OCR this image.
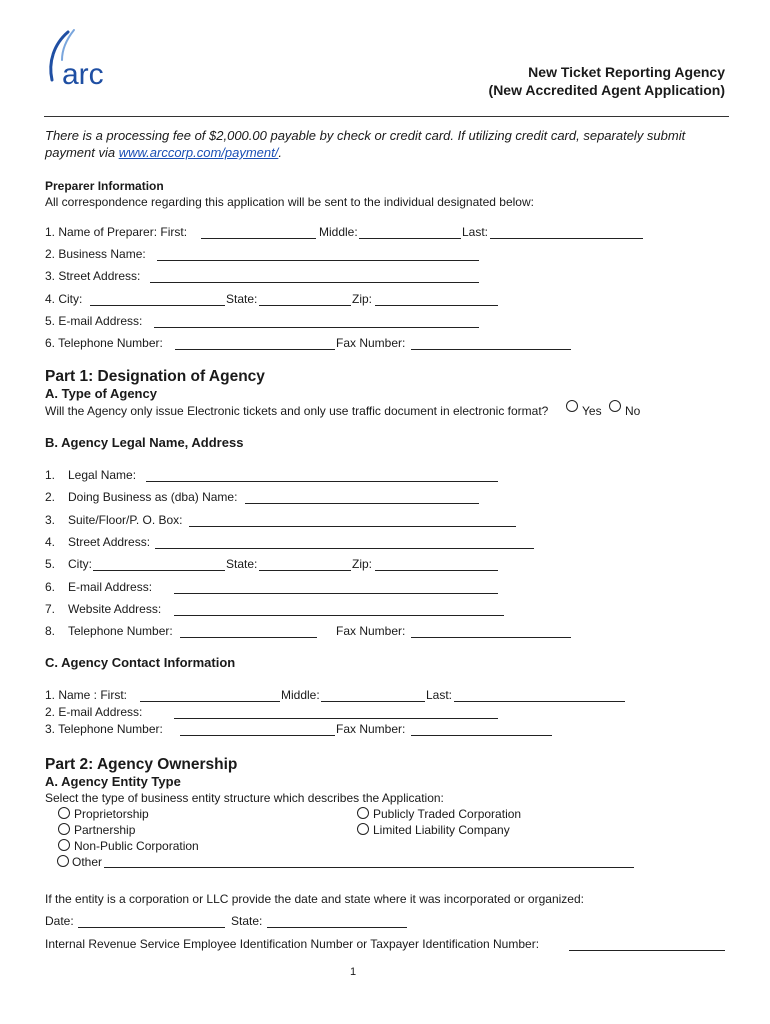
arc	New Ticket Reporting Agency
(New Accredited Agent Application)
There is a processing fee of $2,000.00 payable by check or credit card. If utilizing credit card, separately submit
payment via www.arccorp.com/payment/.
Preparer Information
All correspondence regarding this application will be sent to the individual designated below:
1. Name of Preparer: First:	Middle:	Last:
2. Business Name:
3. Street Address:
4. City:	State:	Zip:
5. E-mail Address:
6. Telephone Number:	Fax Number:
Part 1: Designation of Agency
A. Type of Agency
Will the Agency only issue Electronic tickets and only use traffic document in electronic format?	Yes No
B. Agency Legal Name, Address
1. Legal Name:
2. Doing Business as (dba) Name:
3. Suite/Floor/P. O. Box:
4. Street Address:
5. City:	State:	Zip:
6. E-mail Address:
7. Website Address:
8. Telephone Number:	Fax Number:
C. Agency Contact Information
1. Name : First:	Middle:	Last:
2. E-mail Address:
3. Telephone Number:	Fax Number:
Part 2: Agency Ownership
A. Agency Entity Type
Select the type of business entity structure which describes the Application:
Proprietorship	Publicly Traded Corporation
Partnership	Limited Liability Company
Non-Public Corporation
Other
If the entity is a corporation or LLC provide the date and state where it was incorporated or organized:
Date:	State:
Internal Revenue Service Employee Identification Number or Taxpayer Identification Number:
1
